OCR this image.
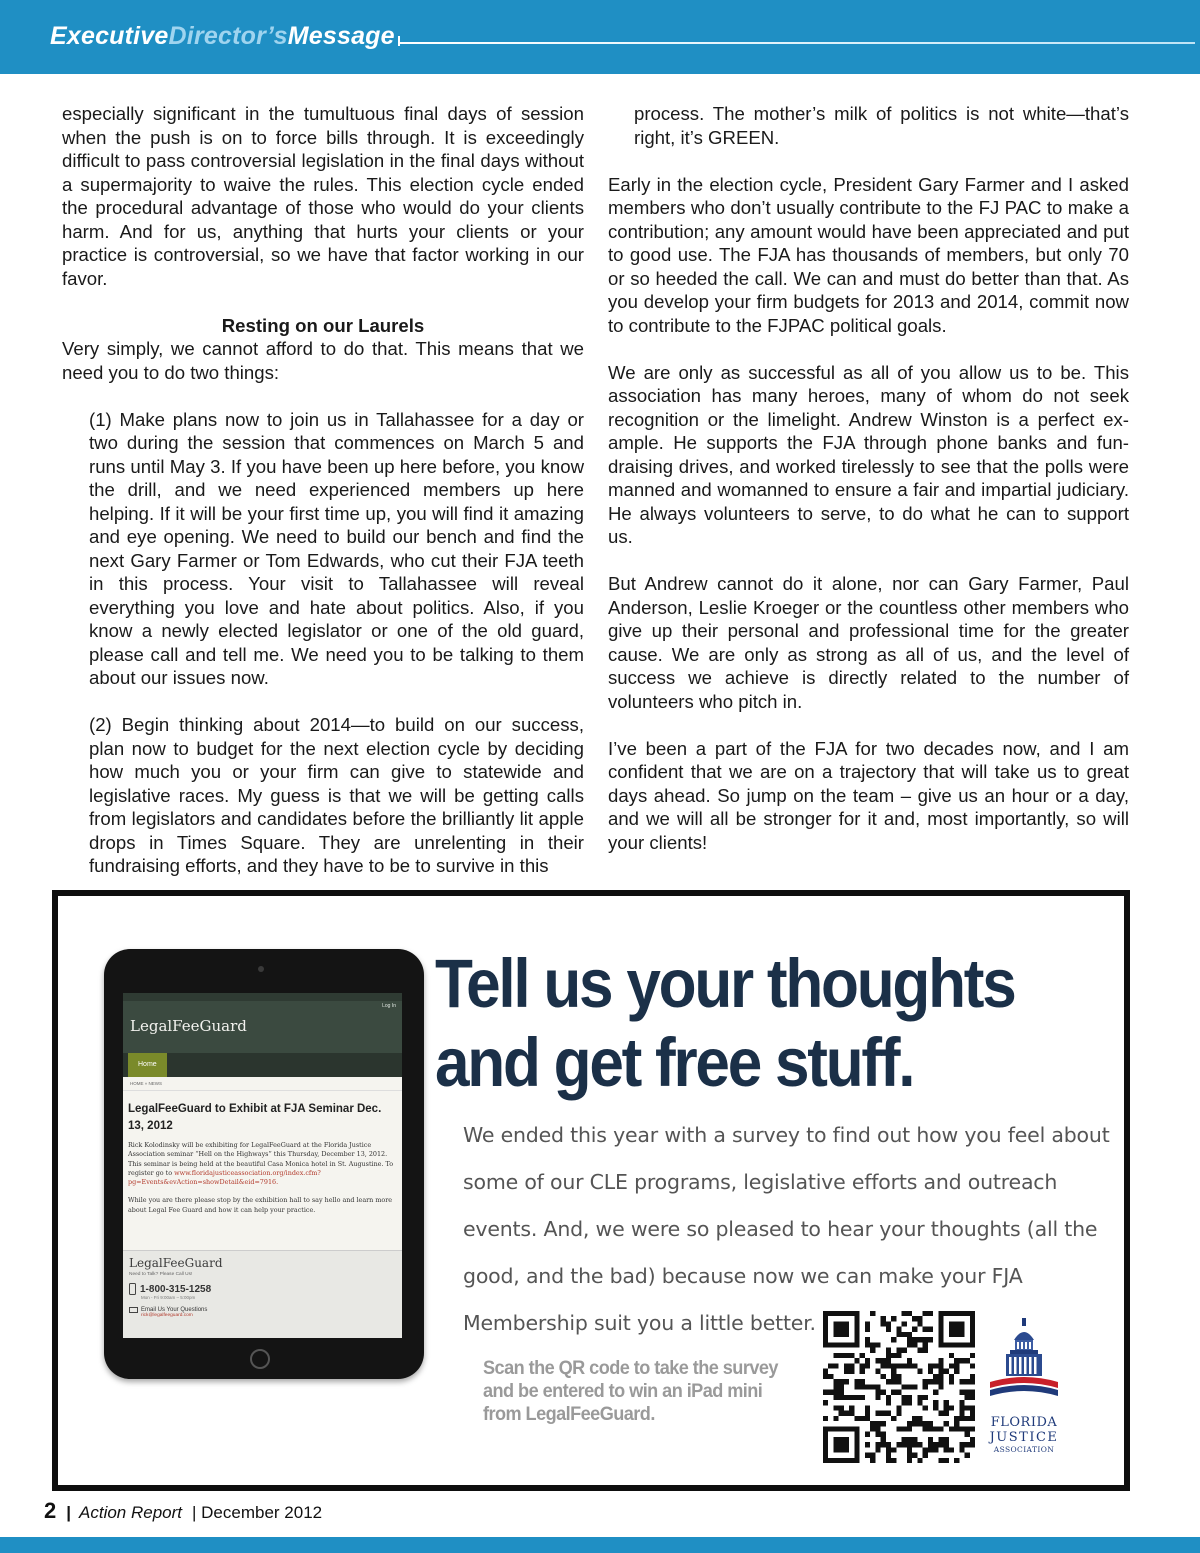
ExecutiveDirector’sMessage

especially significant in the tumultuous final days of session when the push is on to force bills through. It is exceedingly difficult to pass controversial legislation in the final days without a supermajority to waive the rules. This election cycle ended the procedural advantage of those who would do your clients harm. And for us, anything that hurts your clients or your practice is controversial, so we have that factor working in our favor.

Resting on our Laurels

Very simply, we cannot afford to do that. This means that we need you to do two things:

(1) Make plans now to join us in Tallahassee for a day or two during the session that commences on March 5 and runs until May 3. If you have been up here before, you know the drill, and we need experienced members up here helping. If it will be your first time up, you will find it amazing and eye opening. We need to build our bench and find the next Gary Farmer or Tom Edwards, who cut their FJA teeth in this process. Your visit to Tallahassee will reveal everything you love and hate about politics. Also, if you know a newly elected legislator or one of the old guard, please call and tell me. We need you to be talking to them about our issues now.

(2) Begin thinking about 2014—to build on our success, plan now to budget for the next election cycle by deciding how much you or your firm can give to statewide and legislative races. My guess is that we will be getting calls from legislators and candidates before the brilliantly lit apple drops in Times Square. They are unrelenting in their fundraising efforts, and they have to be to survive in this

process. The mother’s milk of politics is not white—that’s right, it’s GREEN.

Early in the election cycle, President Gary Farmer and I asked members who don’t usually contribute to the FJ PAC to make a contribution; any amount would have been appreciated and put to good use. The FJA has thousands of members, but only 70 or so heeded the call. We can and must do better than that. As you develop your firm budgets for 2013 and 2014, commit now to contribute to the FJPAC political goals.

We are only as successful as all of you allow us to be. This association has many heroes, many of whom do not seek recognition or the limelight. Andrew Winston is a perfect example. He supports the FJA through phone banks and fundraising drives, and worked tirelessly to see that the polls were manned and womanned to ensure a fair and impartial judiciary. He always volunteers to serve, to do what he can to support us.

But Andrew cannot do it alone, nor can Gary Farmer, Paul Anderson, Leslie Kroeger or the countless other members who give up their personal and professional time for the greater cause. We are only as strong as all of us, and the level of success we achieve is directly related to the number of volunteers who pitch in.

I’ve been a part of the FJA for two decades now, and I am confident that we are on a trajectory that will take us to great days ahead. So jump on the team – give us an hour or a day, and we will all be stronger for it and, most importantly, so will your clients!

Log In
LegalFeeGuard
Home
HOME » NEWS
LegalFeeGuard to Exhibit at FJA Seminar Dec. 13, 2012
Rick Kolodinsky will be exhibiting for LegalFeeGuard at the Florida Justice Association seminar “Hell on the Highways” this Thursday, December 13, 2012. This seminar is being held at the beautiful Casa Monica hotel in St. Augustine. To register go to www.floridajusticeassociation.org/index.cfm?pg=Events&evAction=showDetail&eid=7916.
While you are there please stop by the exhibition hall to say hello and learn more about Legal Fee Guard and how it can help your practice.
LegalFeeGuard
Need to Talk? Please Call Us!
1-800-315-1258
Mon - Fri 9:00am – 5:00pm
Email Us Your Questions
rick@legalfeeguard.com
Tell us your thoughts
and get free stuff.
We ended this year with a survey to find out how you feel about
some of our CLE programs, legislative efforts and outreach
events. And, we were so pleased to hear your thoughts (all the
good, and the bad) because now we can make your FJA
Membership suit you a little better.
Scan the QR code to take the survey
and be entered to win an iPad mini
from LegalFeeGuard.	FLORIDA
JUSTICE
ASSOCIATION
2 | Action Report | December 2012
